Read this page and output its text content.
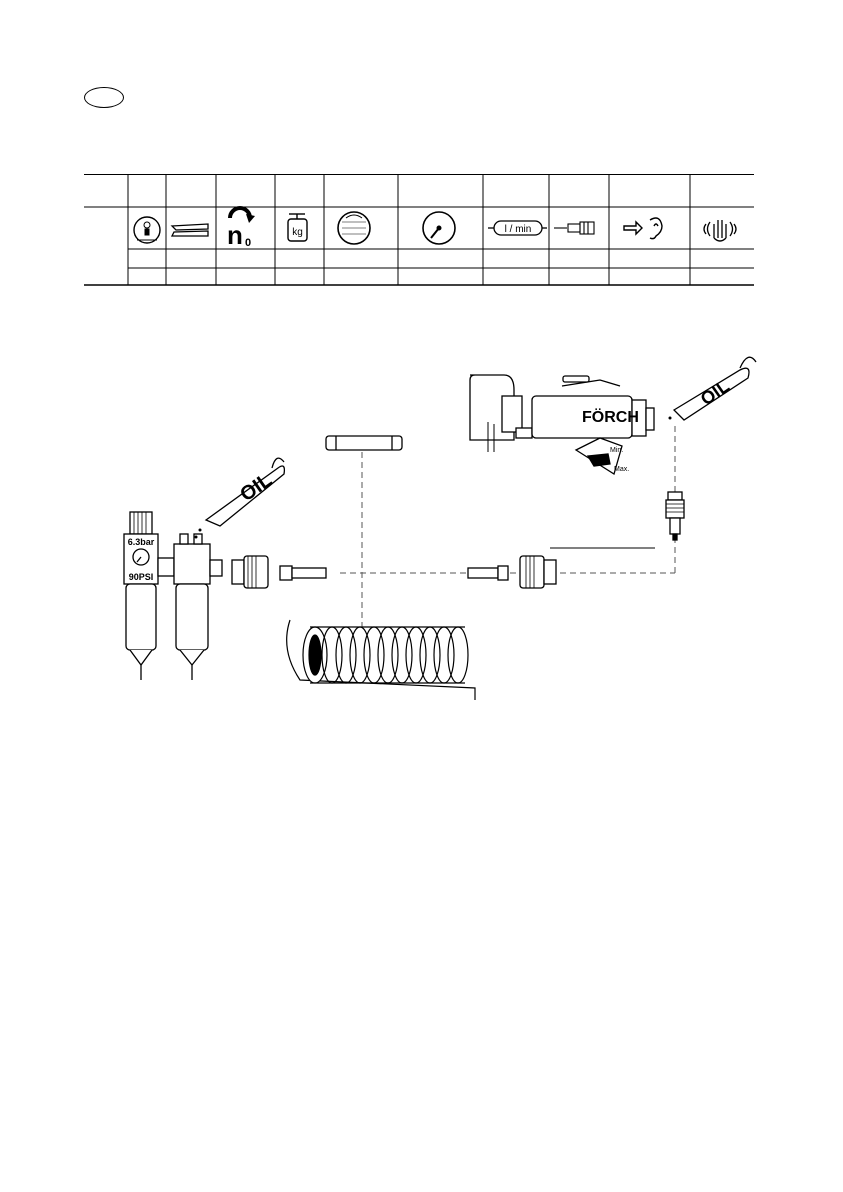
n 0
kg	l / min
6.3bar
90PSI
OIL
FÖRCH
Min.
Max.
OIL
